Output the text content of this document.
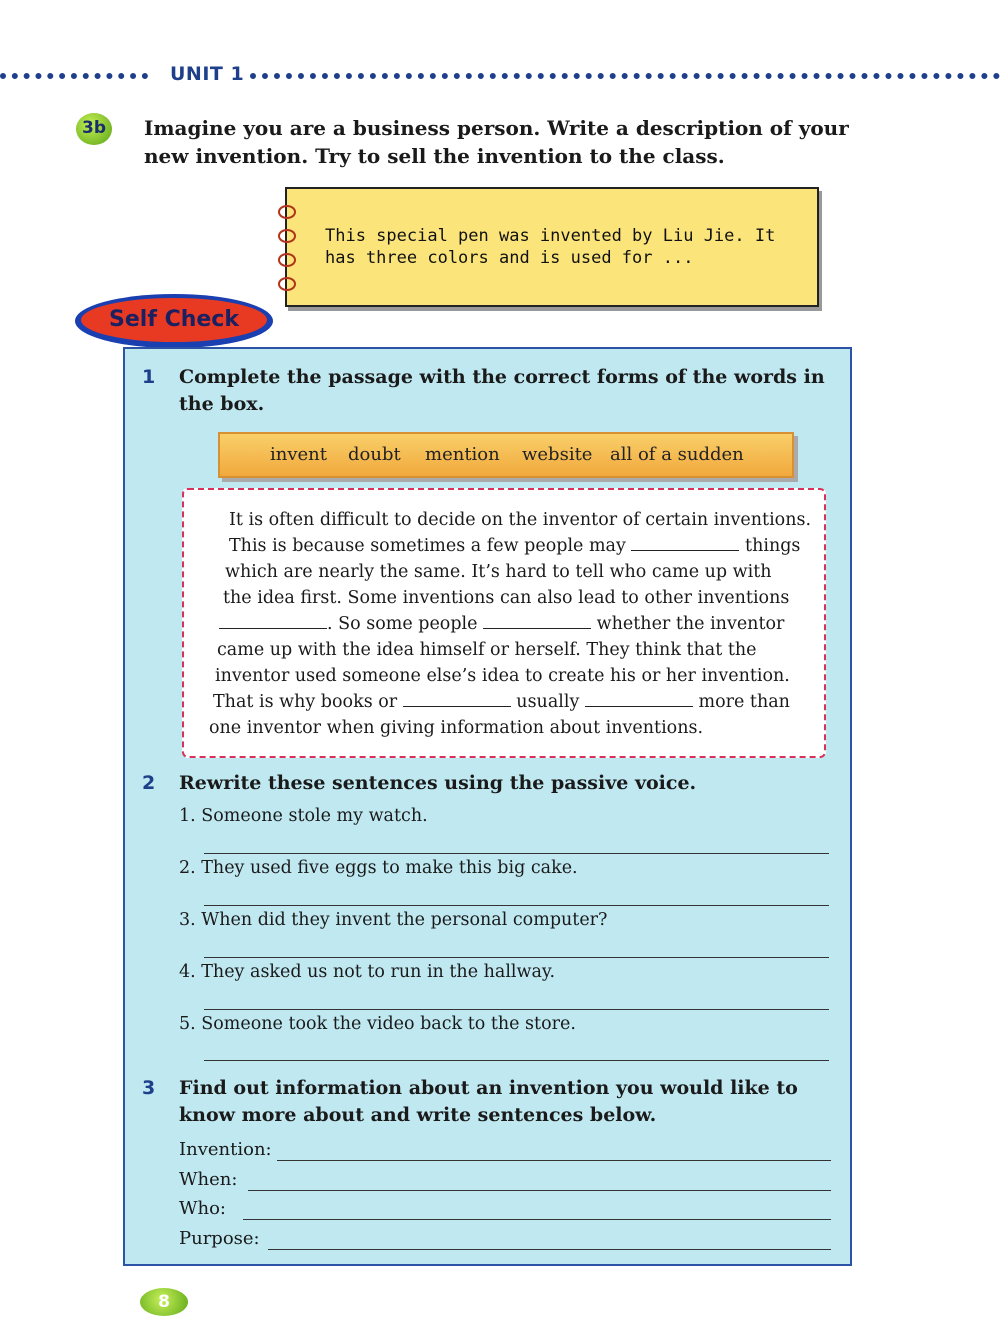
UNIT 1
3b	Imagine you are a business person. Write a description of your new invention. Try to sell the invention to the class.
This special pen was invented by Liu Jie. It has three colors and is used for ...
Self Check
1 Complete the passage with the correct forms of the words in the box.
invent doubt mention website all of a sudden
It is often difficult to decide on the inventor of certain inventions.
This is because sometimes a few people may	things
which are nearly the same. It’s hard to tell who came up with
the idea first. Some inventions can also lead to other inventions
. So some people	whether the inventor
came up with the idea himself or herself. They think that the
inventor used someone else’s idea to create his or her invention.
That is why books or	usually	more than
one inventor when giving information about inventions.
2 Rewrite these sentences using the passive voice.
1. Someone stole my watch.
2. They used five eggs to make this big cake.
3. When did they invent the personal computer?
4. They asked us not to run in the hallway.
5. Someone took the video back to the store.
3 Find out information about an invention you would like to know more about and write sentences below.
Invention:
When:
Who:
Purpose:
8
